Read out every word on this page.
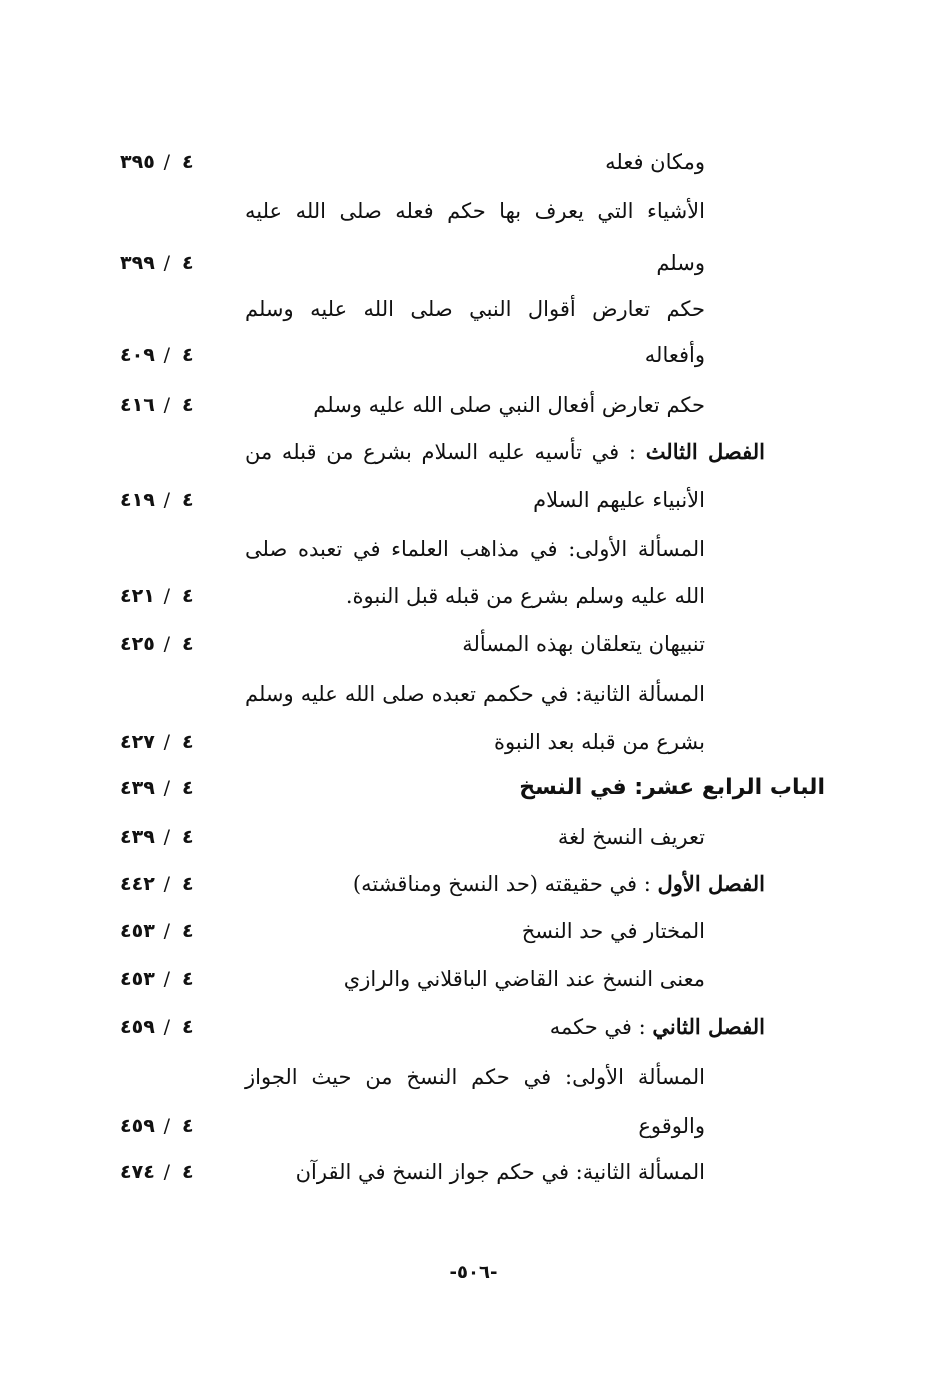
ومكان فعله
٣٩٥ / ٤
الأشياء التي يعرف بها حكم فعله صلى الله عليه
وسلم
٣٩٩ / ٤
حكم تعارض أقوال النبي صلى الله عليه وسلم
وأفعاله
٤٠٩ / ٤
حكم تعارض أفعال النبي صلى الله عليه وسلم
٤١٦ / ٤
الفصل الثالث : في تأسيه عليه السلام بشرع من قبله من
الأنبياء عليهم السلام
٤١٩ / ٤
المسألة الأولى: في مذاهب العلماء في تعبده صلى
الله عليه وسلم بشرع من قبله قبل النبوة.
٤٢١ / ٤
تنبيهان يتعلقان بهذه المسألة
٤٢٥ / ٤
المسألة الثانية: في حكمم تعبده صلى الله عليه وسلم
بشرع من قبله بعد النبوة
٤٢٧ / ٤
الباب الرابع عشر: في النسخ
٤٣٩ / ٤
تعريف النسخ لغة
٤٣٩ / ٤
الفصل الأول : في حقيقته (حد النسخ ومناقشته)
٤٤٢ / ٤
المختار في حد النسخ
٤٥٣ / ٤
معنى النسخ عند القاضي الباقلاني والرازي
٤٥٣ / ٤
الفصل الثاني : في حكمه
٤٥٩ / ٤
المسألة الأولى: في حكم النسخ من حيث الجواز
والوقوع
٤٥٩ / ٤
المسألة الثانية: في حكم جواز النسخ في القرآن
٤٧٤ / ٤
-٥٠٦-
